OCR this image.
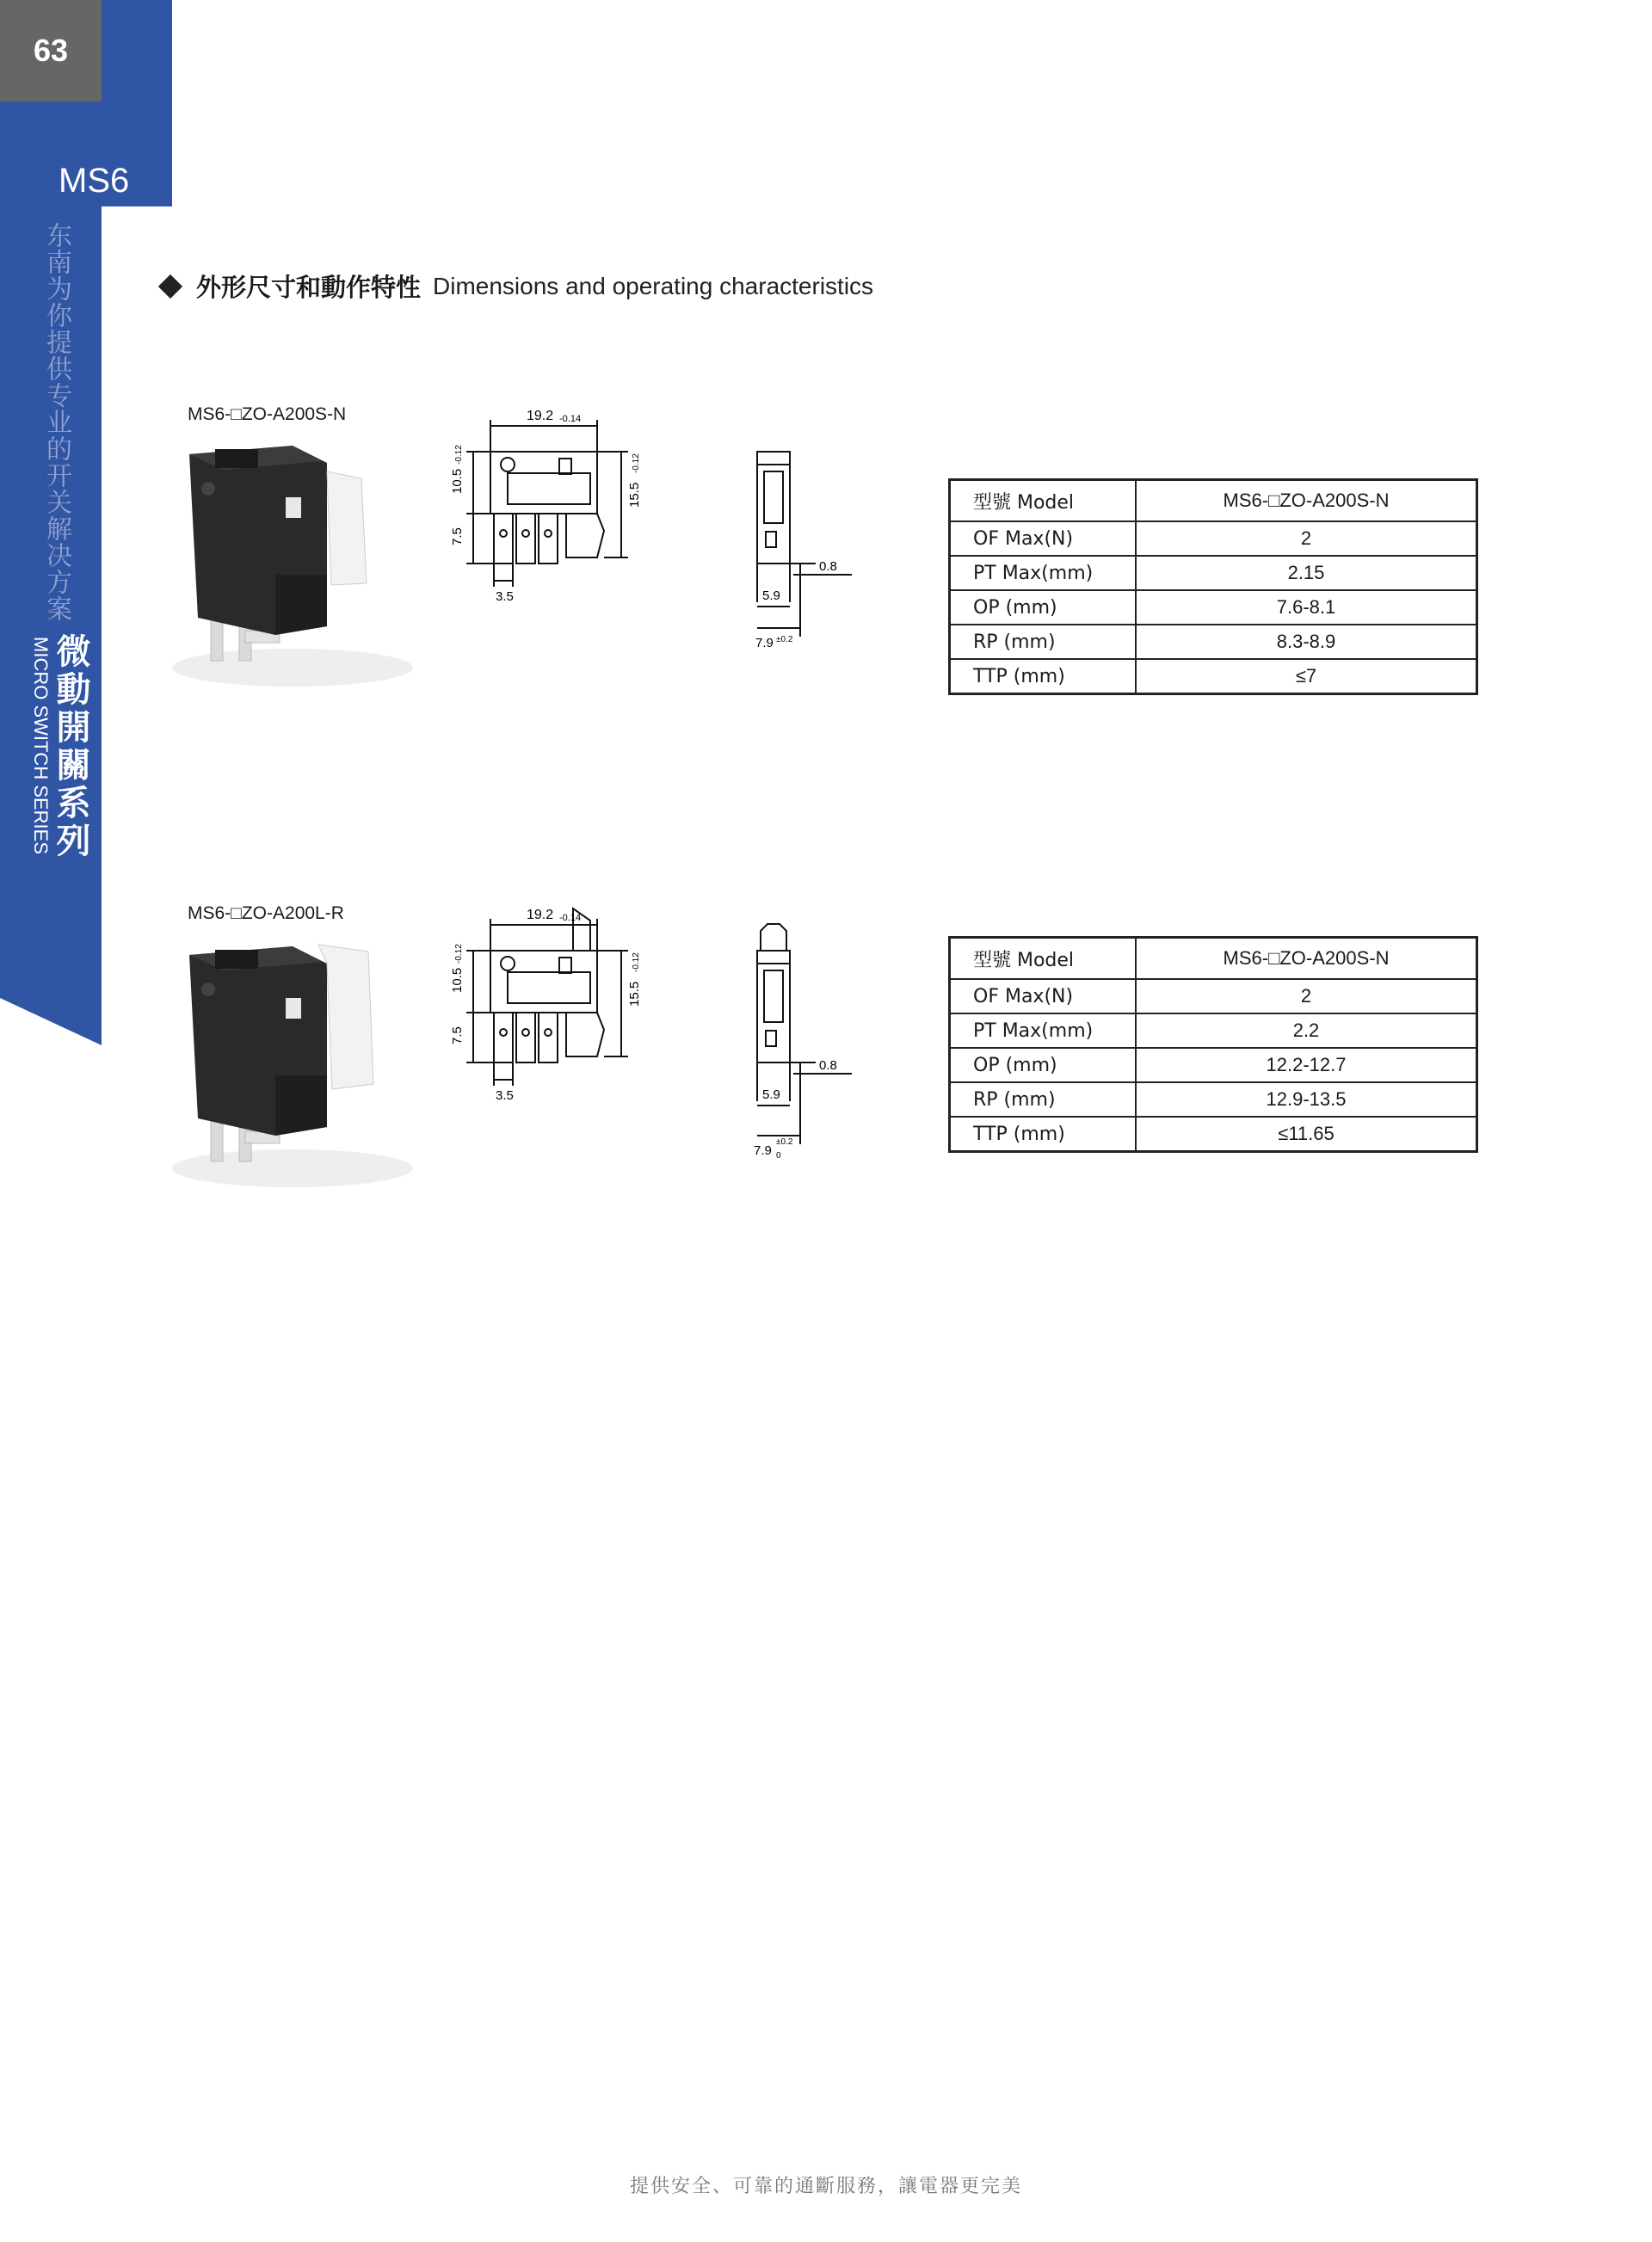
63
MS6
东南为你提供专业的开关解决方案
MICRO SWITCH SERIES 微動開關系列
外形尺寸和動作特性 Dimensions and operating characteristics
MS6-□ZO-A200S-N	19.2 -0.14
10.5
-0.12
7.5
15.5
-0.12
3.5
0.8
5.9
7.9 ±0.2
型號 Model	MS6-□ZO-A200S-N
OF Max(N)	2
PT Max(mm)	2.15
OP (mm)	7.6-8.1
RP (mm)	8.3-8.9
TTP (mm)	≤7
MS6-□ZO-A200L-R	19.2 -0.14
10.5
-0.12
7.5
15.5
-0.12
3.5
0.8
5.9
7.9
±0.2
0
型號 Model	MS6-□ZO-A200S-N
OF Max(N)	2
PT Max(mm)	2.2
OP (mm)	12.2-12.7
RP (mm)	12.9-13.5
TTP (mm)	≤11.65
提供安全、可靠的通斷服務，讓電器更完美
